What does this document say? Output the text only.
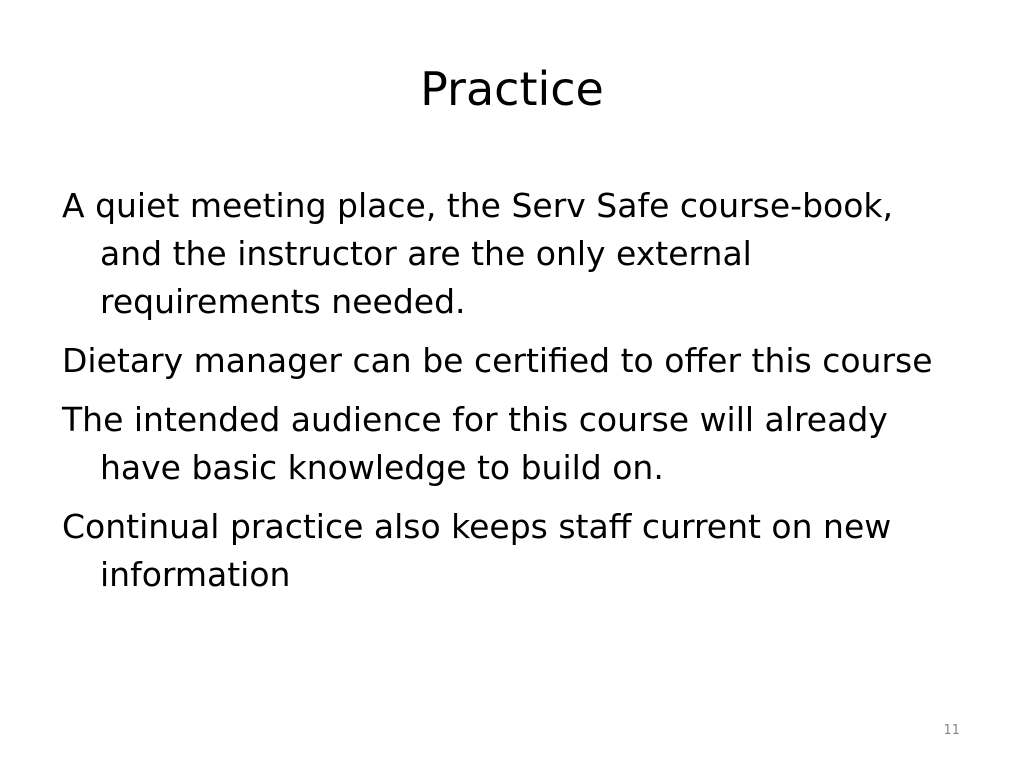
Practice
A quiet meeting place, the Serv Safe course-book, and the instructor are the only external requirements needed.
Dietary manager can be certified to offer this course
The intended audience for this course will already have basic knowledge to build on.
Continual practice also keeps staff current on new information
11
